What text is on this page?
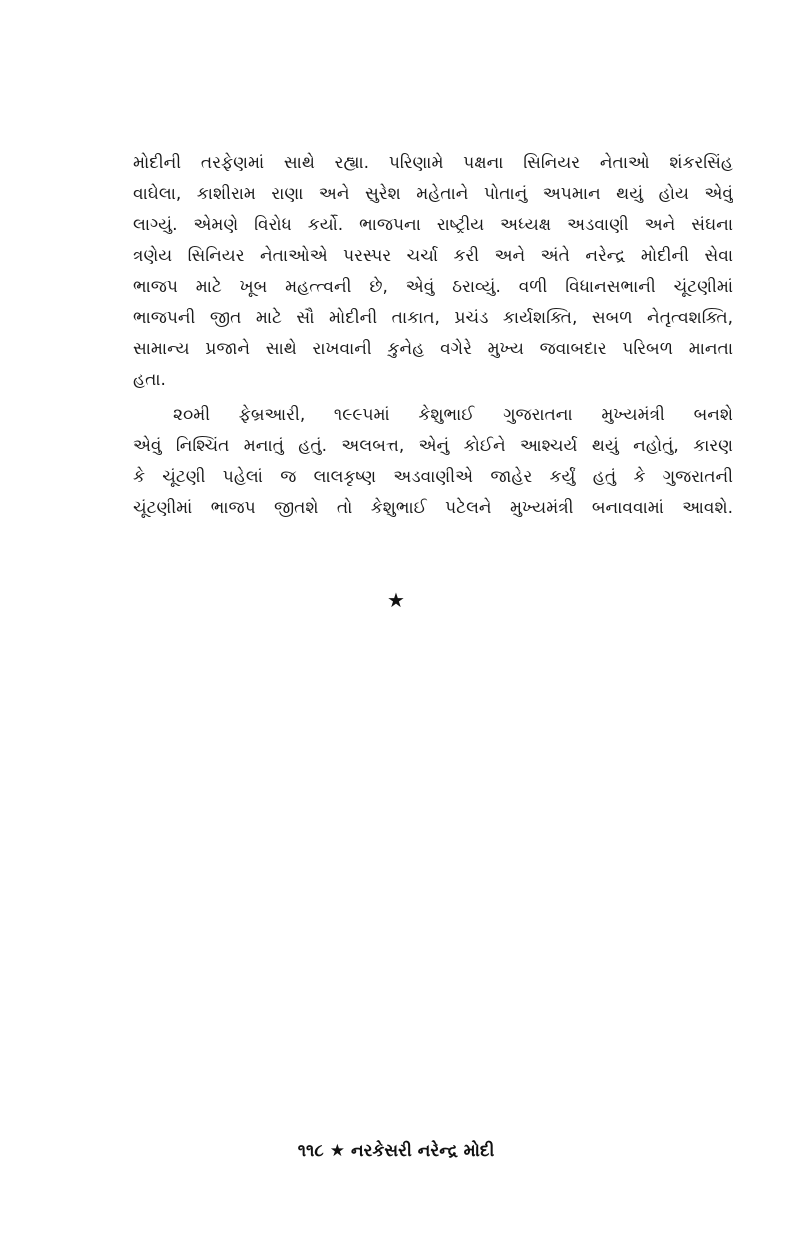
મોદીની તરફેણમાં સાથે રહ્યા. પરિણામે પક્ષના સિનિયર નેતાઓ શંકરસિંહ
વાઘેલા, કાશીરામ રાણા અને સુરેશ મહેતાને પોતાનું અપમાન થયું હોય એવું
લાગ્યું. એમણે વિરોધ કર્યો. ભાજપના રાષ્ટ્રીય અધ્યક્ષ અડવાણી અને સંઘના
ત્રણેય સિનિયર નેતાઓએ પરસ્પર ચર્ચા કરી અને અંતે નરેન્દ્ર મોદીની સેવા
ભાજપ માટે ખૂબ મહત્ત્વની છે, એવું ઠરાવ્યું. વળી વિધાનસભાની ચૂંટણીમાં
ભાજપની જીત માટે સૌ મોદીની તાકાત, પ્રચંડ કાર્યશક્તિ, સબળ નેતૃત્વશક્તિ,
સામાન્ય પ્રજાને સાથે રાખવાની કુનેહ વગેરે મુખ્ય જવાબદાર પરિબળ માનતા
હતા.
૨૦મી ફેબ્રઆરી, ૧૯૯૫માં કેશુભાઈ ગુજરાતના મુખ્યમંત્રી બનશે
એવું નિશ્ચિંત મનાતું હતું. અલબત્ત, એનું કોઈને આશ્ચર્ય થયું નહોતું, કારણ
કે ચૂંટણી પહેલાં જ લાલકૃષ્ણ અડવાણીએ જાહેર કર્યું હતું કે ગુજરાતની
ચૂંટણીમાં ભાજપ જીતશે તો કેશુભાઈ પટેલને મુખ્યમંત્રી બનાવવામાં આવશે.
★
૧૧૮ ★ નરકેસરી નરેન્દ્ર મોદી
